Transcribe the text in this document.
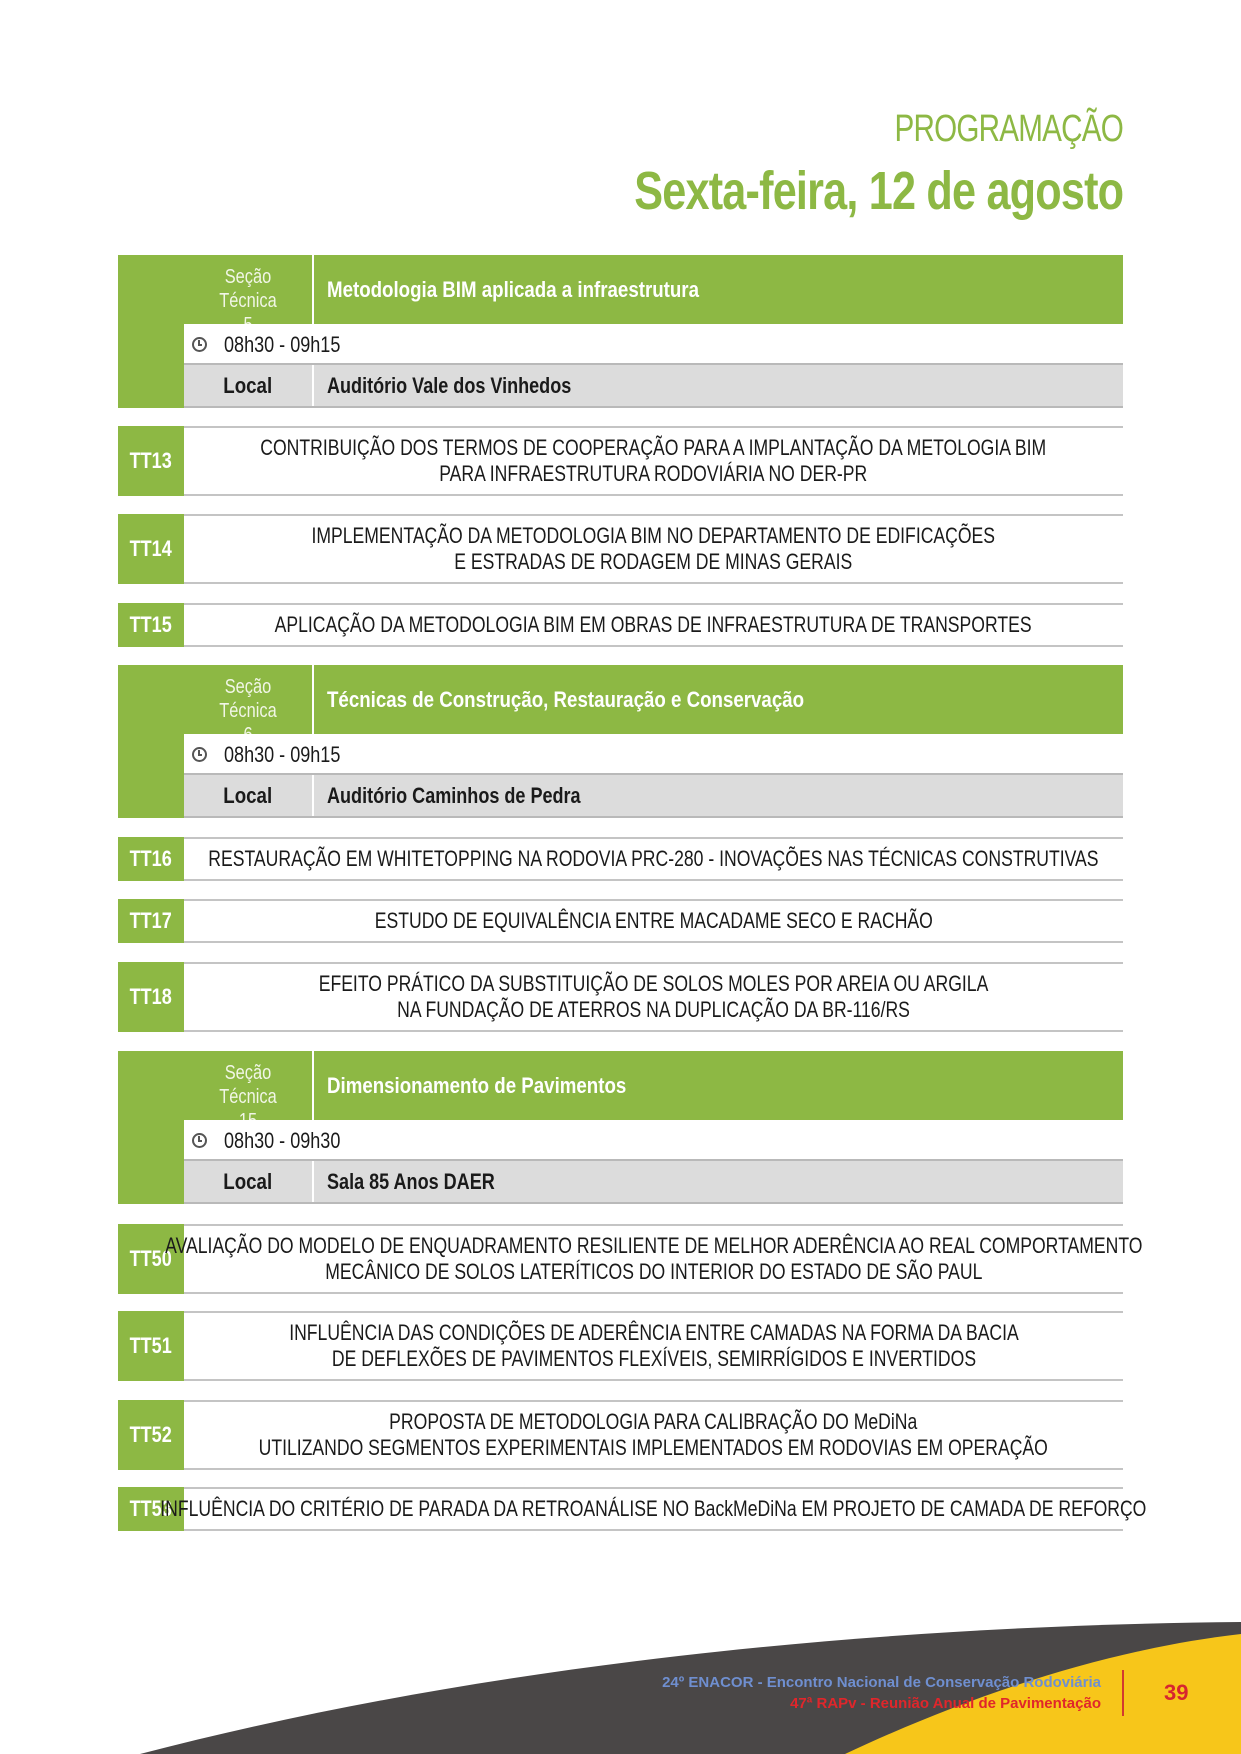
PROGRAMAÇÃO
Sexta-feira, 12 de agosto
Seção Técnica	Metodologia BIM aplicada a infraestrutura
08h30 - 09h15
Local	Auditório Vale dos Vinhedos
TT13
CONTRIBUIÇÃO DOS TERMOS DE COOPERAÇÃO PARA A IMPLANTAÇÃO DA METOLOGIA BIM
PARA INFRAESTRUTURA RODOVIÁRIA NO DER-PR
TT14
IMPLEMENTAÇÃO DA METODOLOGIA BIM NO DEPARTAMENTO DE EDIFICAÇÕES
E ESTRADAS DE RODAGEM DE MINAS GERAIS
TT15	APLICAÇÃO DA METODOLOGIA BIM EM OBRAS DE INFRAESTRUTURA DE TRANSPORTES
Seção Técnica	Técnicas de Construção, Restauração e Conservação
08h30 - 09h15
Local	Auditório Caminhos de Pedra
TT16 RESTAURAÇÃO EM WHITETOPPING NA RODOVIA PRC-280 - INOVAÇÕES NAS TÉCNICAS CONSTRUTIVAS
TT17	ESTUDO DE EQUIVALÊNCIA ENTRE MACADAME SECO E RACHÃO
TT18
EFEITO PRÁTICO DA SUBSTITUIÇÃO DE SOLOS MOLES POR AREIA OU ARGILA
NA FUNDAÇÃO DE ATERROS NA DUPLICAÇÃO DA BR-116/RS
Seção Técnica	Dimensionamento de Pavimentos
08h30 - 09h30
Local	Sala 85 Anos DAER
TT50
AVALIAÇÃO DO MODELO DE ENQUADRAMENTO RESILIENTE DE MELHOR ADERÊNCIA AO REAL COMPORTAMENTO
MECÂNICO DE SOLOS LATERÍTICOS DO INTERIOR DO ESTADO DE SÃO PAUL
TT51
INFLUÊNCIA DAS CONDIÇÕES DE ADERÊNCIA ENTRE CAMADAS NA FORMA DA BACIA
DE DEFLEXÕES DE PAVIMENTOS FLEXÍVEIS, SEMIRRÍGIDOS E INVERTIDOS
TT52
PROPOSTA DE METODOLOGIA PARA CALIBRAÇÃO DO MeDiNa
UTILIZANDO SEGMENTOS EXPERIMENTAIS IMPLEMENTADOS EM RODOVIAS EM OPERAÇÃO
TT53
INFLUÊNCIA DO CRITÉRIO DE PARADA DA RETROANÁLISE NO BackMeDiNa EM PROJETO DE CAMADA DE REFORÇO
24º ENACOR - Encontro Nacional de Conservação Rodoviária
47ª RAPv - Reunião Anual de Pavimentação	39
